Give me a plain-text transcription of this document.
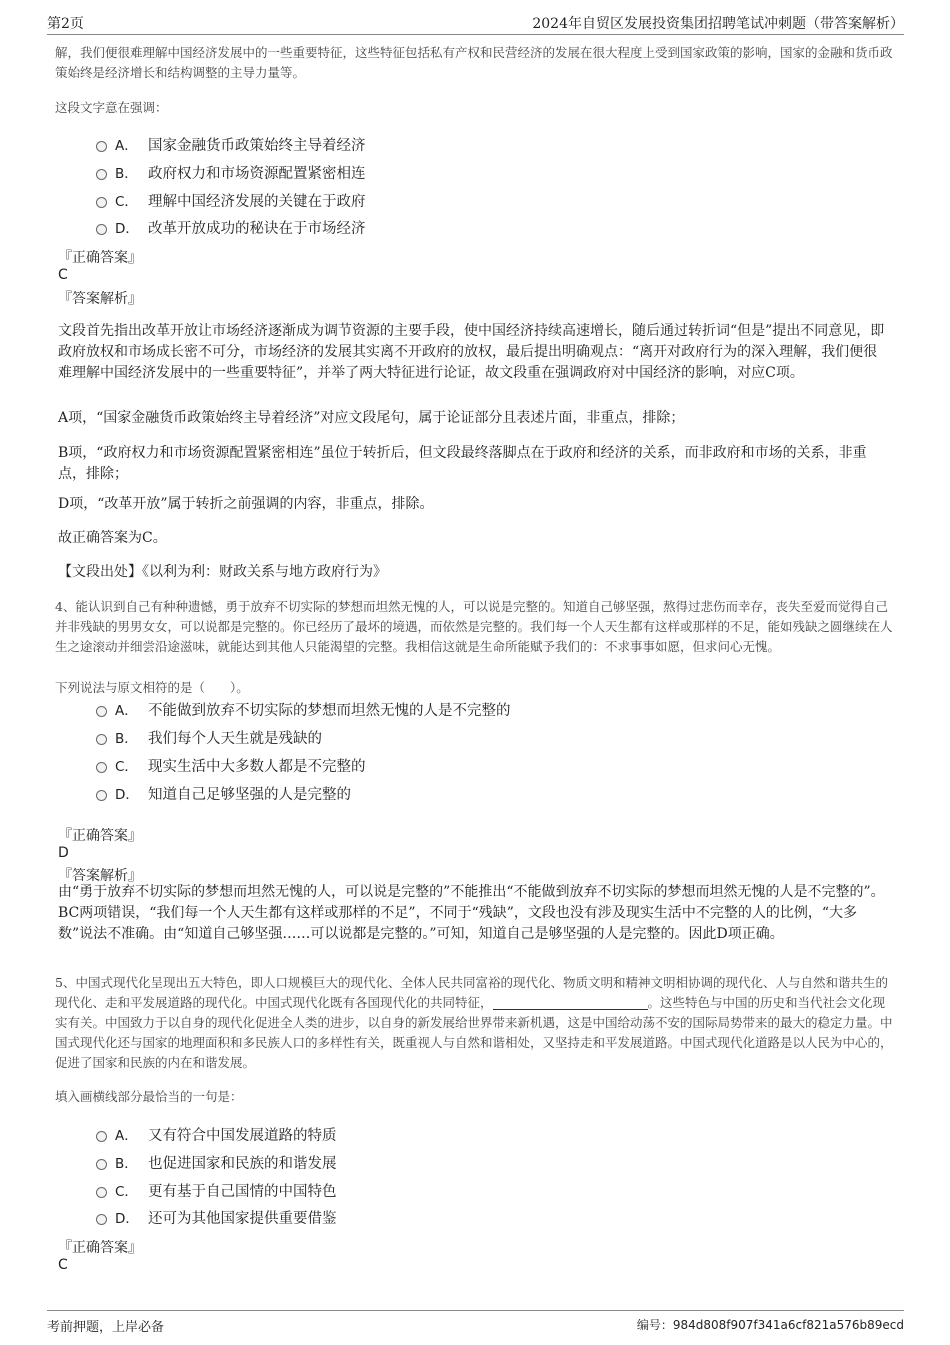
第2页	2024年自贸区发展投资集团招聘笔试冲刺题（带答案解析）
解，我们便很难理解中国经济发展中的一些重要特征，这些特征包括私有产权和民营经济的发展在很大程度上受到国家政策的影响，国家的金融和货币政策始终是经济增长和结构调整的主导力量等。
这段文字意在强调：
A． 国家金融货币政策始终主导着经济
B． 政府权力和市场资源配置紧密相连
C． 理解中国经济发展的关键在于政府
D． 改革开放成功的秘诀在于市场经济
『正确答案』
C
『答案解析』
文段首先指出改革开放让市场经济逐渐成为调节资源的主要手段，使中国经济持续高速增长，随后通过转折词“但是”提出不同意见，即政府放权和市场成长密不可分，市场经济的发展其实离不开政府的放权，最后提出明确观点：“离开对政府行为的深入理解，我们便很难理解中国经济发展中的一些重要特征”，并举了两大特征进行论证，故文段重在强调政府对中国经济的影响，对应C项。
A项，“国家金融货币政策始终主导着经济”对应文段尾句，属于论证部分且表述片面，非重点，排除；
B项，“政府权力和市场资源配置紧密相连”虽位于转折后，但文段最终落脚点在于政府和经济的关系，而非政府和市场的关系，非重点，排除；
D项，“改革开放”属于转折之前强调的内容，非重点，排除。
故正确答案为C。
【文段出处】《以利为利：财政关系与地方政府行为》
4、能认识到自己有种种遗憾，勇于放弃不切实际的梦想而坦然无愧的人，可以说是完整的。知道自己够坚强，熬得过悲伤而幸存，丧失至爱而觉得自己并非残缺的男男女女，可以说都是完整的。你已经历了最坏的境遇，而依然是完整的。我们每一个人天生都有这样或那样的不足，能如残缺之圆继续在人生之途滚动并细尝沿途滋味，就能达到其他人只能渴望的完整。我相信这就是生命所能赋予我们的：不求事事如愿，但求问心无愧。
下列说法与原文相符的是（　　）。
A． 不能做到放弃不切实际的梦想而坦然无愧的人是不完整的
B． 我们每个人天生就是残缺的
C． 现实生活中大多数人都是不完整的
D． 知道自己足够坚强的人是完整的
『正确答案』
D
『答案解析』
由“勇于放弃不切实际的梦想而坦然无愧的人，可以说是完整的”不能推出“不能做到放弃不切实际的梦想而坦然无愧的人是不完整的”。BC两项错误，“我们每一个人天生都有这样或那样的不足”，不同于“残缺”，文段也没有涉及现实生活中不完整的人的比例，“大多数”说法不准确。由“知道自己够坚强……可以说都是完整的。”可知，知道自己是够坚强的人是完整的。因此D项正确。
5、中国式现代化呈现出五大特色，即人口规模巨大的现代化、全体人民共同富裕的现代化、物质文明和精神文明相协调的现代化、人与自然和谐共生的现代化、走和平发展道路的现代化。中国式现代化既有各国现代化的共同特征，	。这些特色与中国的历史和当代社会文化现实有关。中国致力于以自身的现代化促进全人类的进步，以自身的新发展给世界带来新机遇，这是中国给动荡不安的国际局势带来的最大的稳定力量。中国式现代化还与国家的地理面积和多民族人口的多样性有关，既重视人与自然和谐相处，又坚持走和平发展道路。中国式现代化道路是以人民为中心的，促进了国家和民族的内在和谐发展。
填入画横线部分最恰当的一句是：
A． 又有符合中国发展道路的特质
B． 也促进国家和民族的和谐发展
C． 更有基于自己国情的中国特色
D． 还可为其他国家提供重要借鉴
『正确答案』
C
考前押题，上岸必备	编号：984d808f907f341a6cf821a576b89ecd
